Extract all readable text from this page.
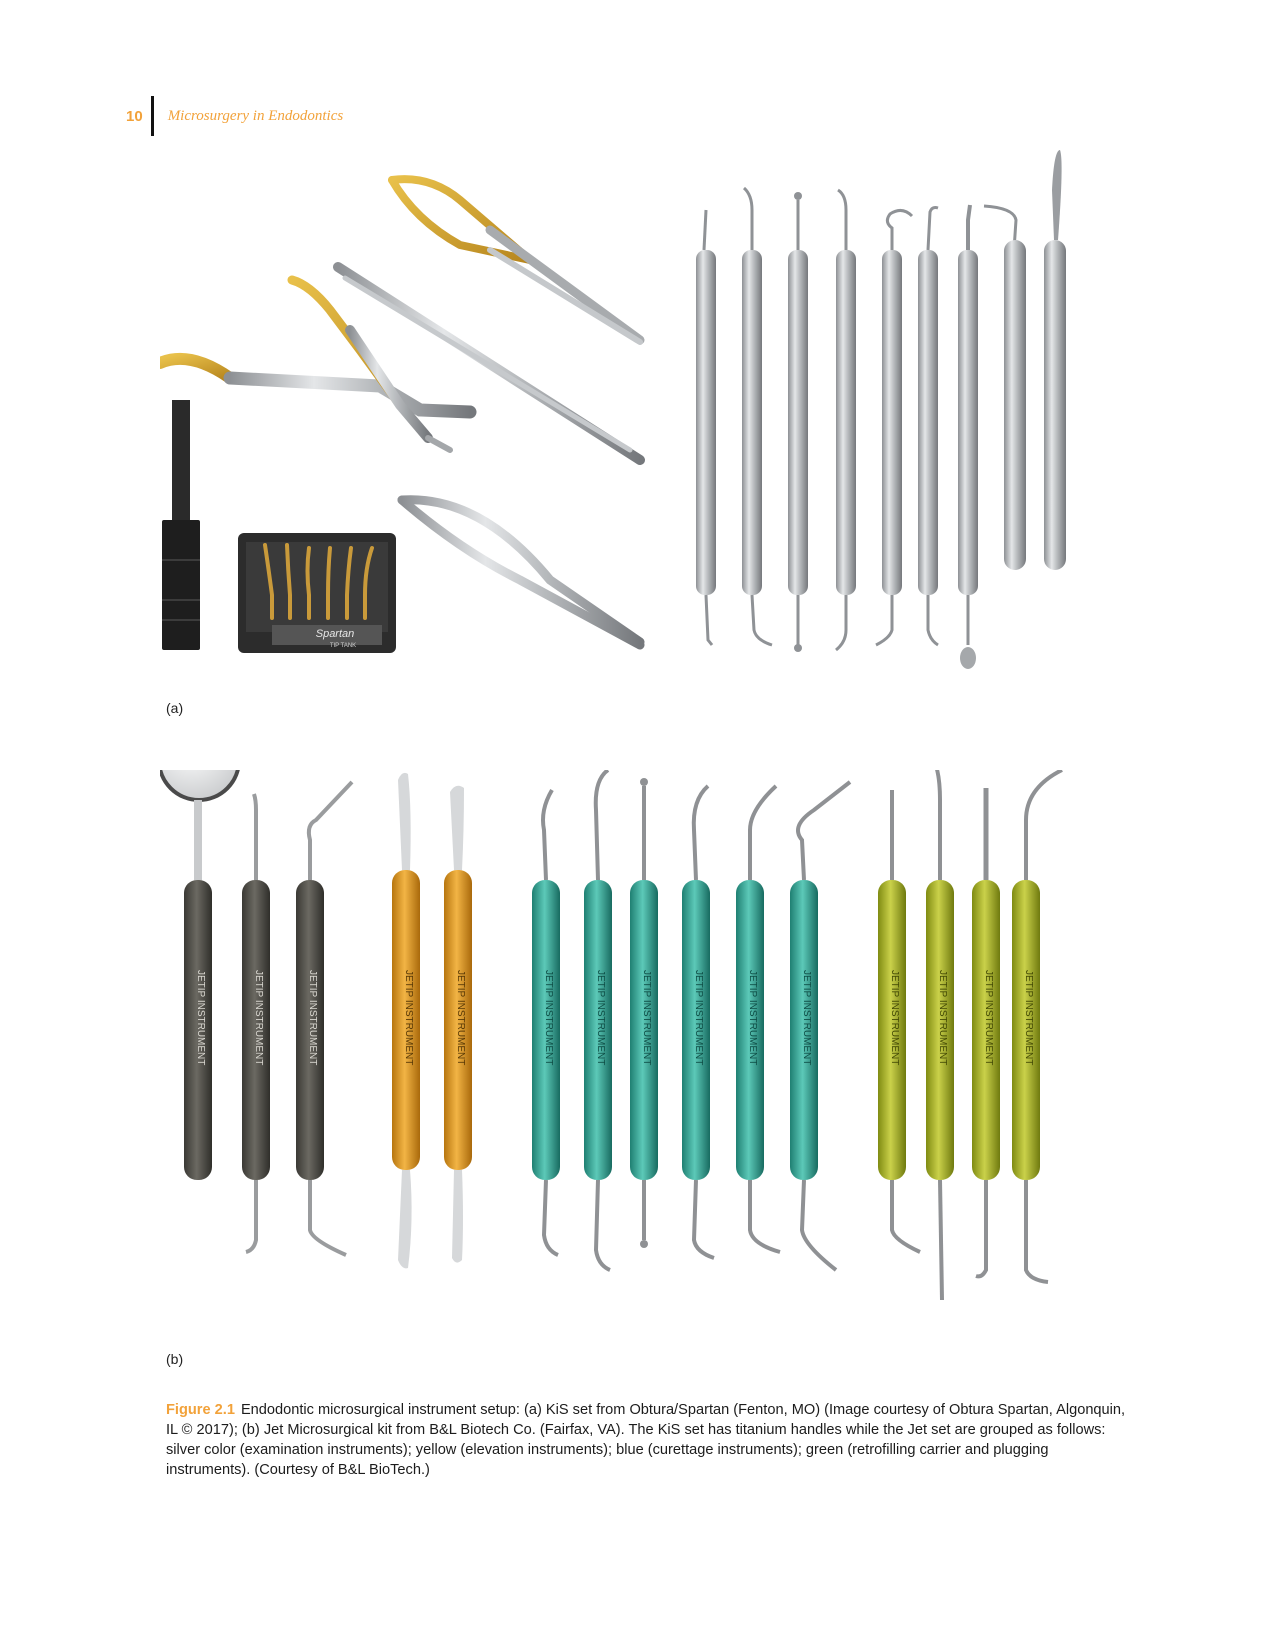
10 Microsurgery in Endodontics
Spartan
TIP TANK
(a)
JETIP INSTRUMENT	JETIP INSTRUMENT	JETIP INSTRUMENT	JETIP INSTRUMENT	JETIP INSTRUMENT	JETIP INSTRUMENT	JETIP INSTRUMENT	JETIP INSTRUMENT	JETIP INSTRUMENT	JETIP INSTRUMENT	JETIP INSTRUMENT	JETIP INSTRUMENT	JETIP INSTRUMENT	JETIP INSTRUMENT	JETIP INSTRUMENT
(b)
Figure 2.1 Endodontic microsurgical instrument setup: (a) KiS set from Obtura/Spartan (Fenton, MO) (Image courtesy of Obtura Spartan, Algonquin, IL © 2017); (b) Jet Microsurgical kit from B&L Biotech Co. (Fairfax, VA). The KiS set has titanium handles while the Jet set are grouped as follows: silver color (examination instruments); yellow (elevation instruments); blue (curettage instruments); green (retrofilling carrier and plugging instruments). (Courtesy of B&L BioTech.)
